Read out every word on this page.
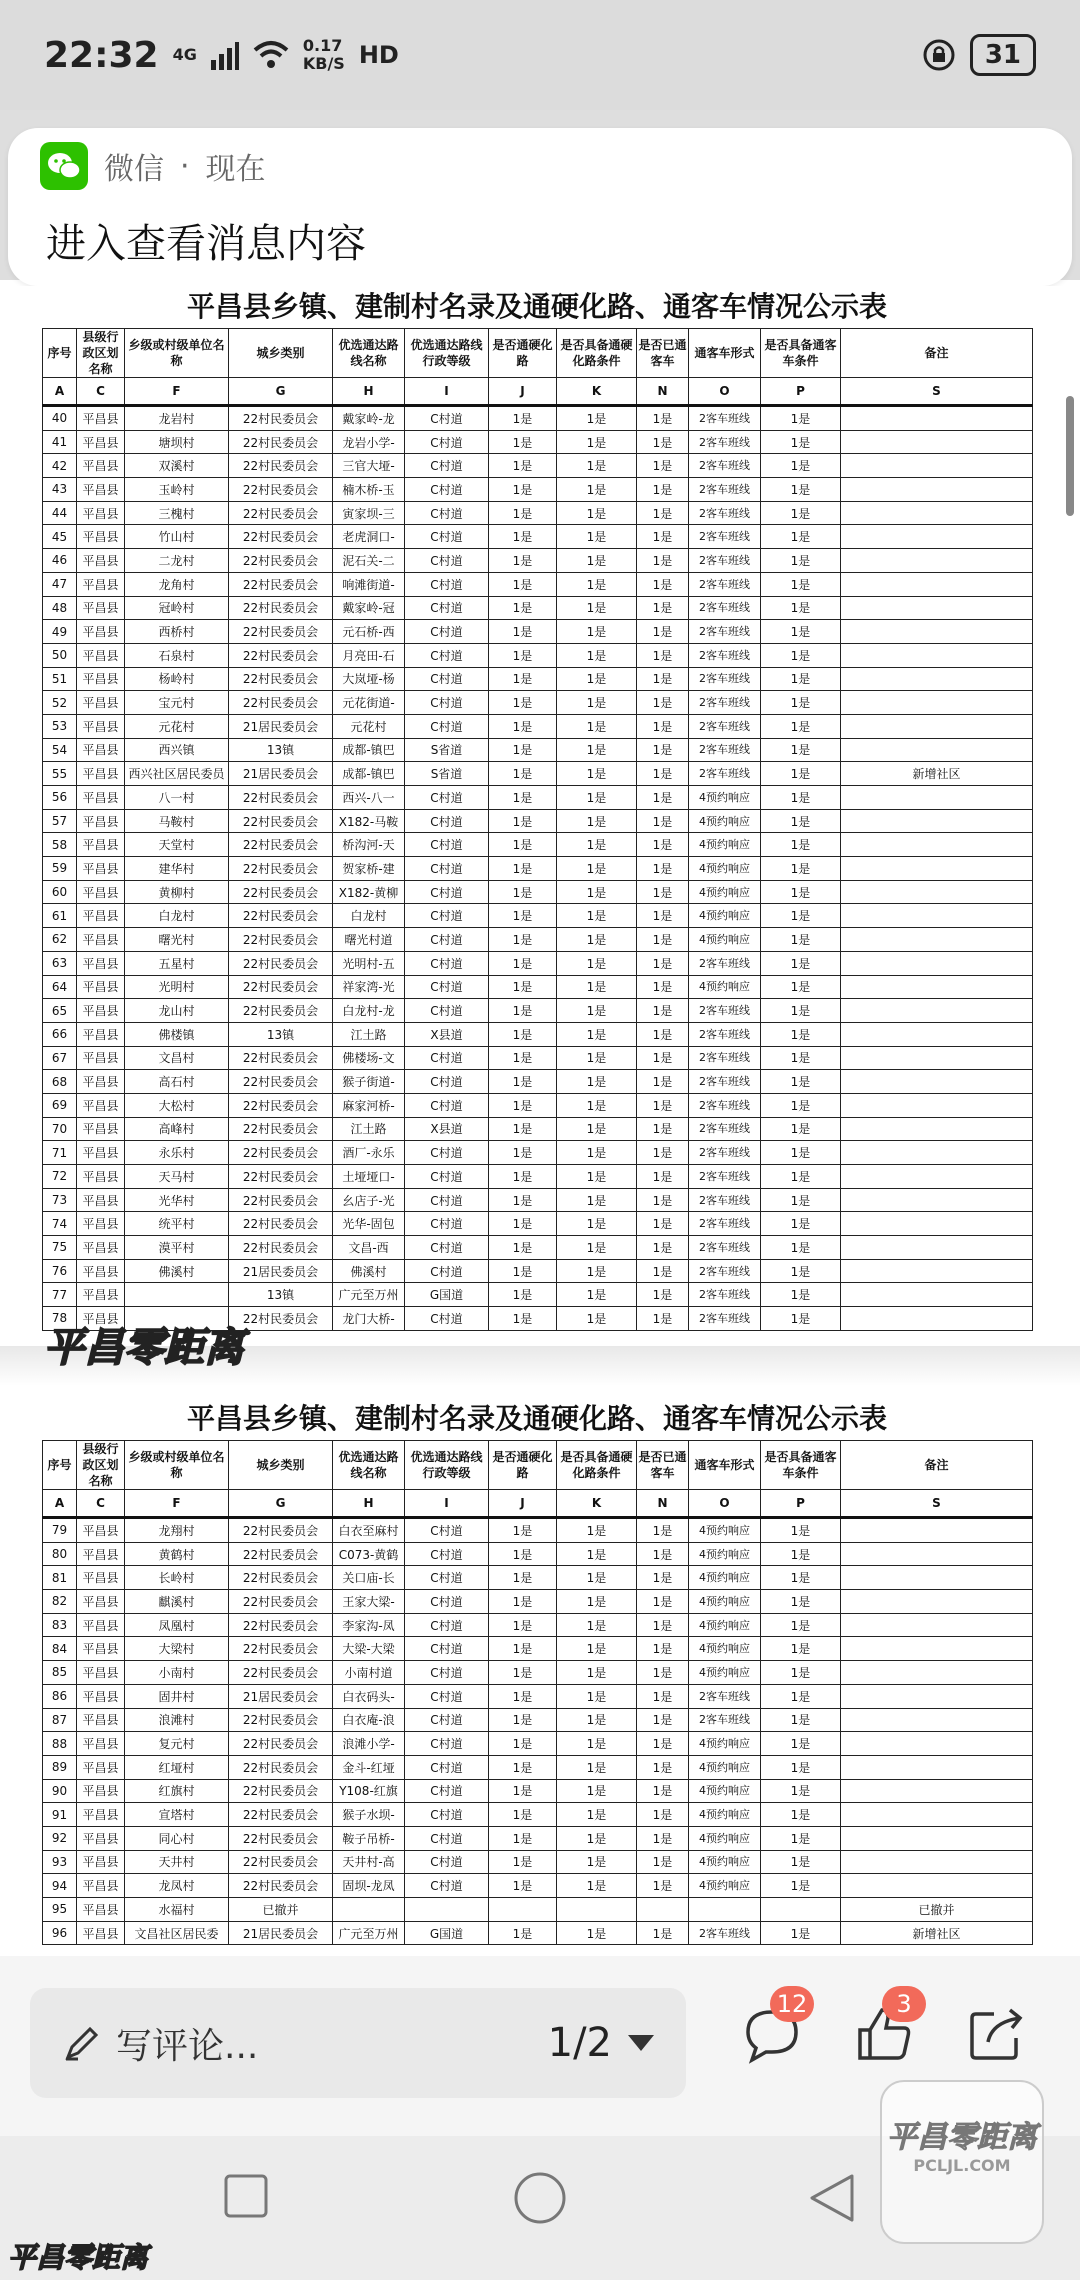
22:32 4G	0.17
KB/S HD	31
微信 · 现在
进入查看消息内容
平昌县乡镇、建制村名录及通硬化路、通客车情况公示表
序号	县级行政区划名称	乡级或村级单位名称	城乡类别	优选通达路线名称	优选通达路线行政等级	是否通硬化路	是否具备通硬化路条件	是否已通客车	通客车形式	是否具备通客车条件	备注
A	C	F	G	H	I	J	K	N	O	P	S
40	平昌县	龙岩村	22村民委员会	戴家岭-龙	C村道	1是	1是	1是	2客车班线	1是	
41	平昌县	塘坝村	22村民委员会	龙岩小学-	C村道	1是	1是	1是	2客车班线	1是	
42	平昌县	双溪村	22村民委员会	三官大垭-	C村道	1是	1是	1是	2客车班线	1是	
43	平昌县	玉岭村	22村民委员会	楠木桥-玉	C村道	1是	1是	1是	2客车班线	1是	
44	平昌县	三槐村	22村民委员会	寅家坝-三	C村道	1是	1是	1是	2客车班线	1是	
45	平昌县	竹山村	22村民委员会	老虎洞口-	C村道	1是	1是	1是	2客车班线	1是	
46	平昌县	二龙村	22村民委员会	泥石关-二	C村道	1是	1是	1是	2客车班线	1是	
47	平昌县	龙角村	22村民委员会	响滩街道-	C村道	1是	1是	1是	2客车班线	1是	
48	平昌县	冠岭村	22村民委员会	戴家岭-冠	C村道	1是	1是	1是	2客车班线	1是	
49	平昌县	西桥村	22村民委员会	元石桥-西	C村道	1是	1是	1是	2客车班线	1是	
50	平昌县	石泉村	22村民委员会	月亮田-石	C村道	1是	1是	1是	2客车班线	1是	
51	平昌县	杨岭村	22村民委员会	大岚垭-杨	C村道	1是	1是	1是	2客车班线	1是	
52	平昌县	宝元村	22村民委员会	元花街道-	C村道	1是	1是	1是	2客车班线	1是	
53	平昌县	元花村	21居民委员会	元花村	C村道	1是	1是	1是	2客车班线	1是	
54	平昌县	西兴镇	13镇	成都-镇巴	S省道	1是	1是	1是	2客车班线	1是	
55	平昌县	西兴社区居民委员	21居民委员会	成都-镇巴	S省道	1是	1是	1是	2客车班线	1是	新增社区
56	平昌县	八一村	22村民委员会	西兴-八一	C村道	1是	1是	1是	4预约响应	1是	
57	平昌县	马鞍村	22村民委员会	X182-马鞍	C村道	1是	1是	1是	4预约响应	1是	
58	平昌县	天堂村	22村民委员会	桥沟河-天	C村道	1是	1是	1是	4预约响应	1是	
59	平昌县	建华村	22村民委员会	贺家桥-建	C村道	1是	1是	1是	4预约响应	1是	
60	平昌县	黄柳村	22村民委员会	X182-黄柳	C村道	1是	1是	1是	4预约响应	1是	
61	平昌县	白龙村	22村民委员会	白龙村	C村道	1是	1是	1是	4预约响应	1是	
62	平昌县	曙光村	22村民委员会	曙光村道	C村道	1是	1是	1是	4预约响应	1是	
63	平昌县	五星村	22村民委员会	光明村-五	C村道	1是	1是	1是	2客车班线	1是	
64	平昌县	光明村	22村民委员会	祥家湾-光	C村道	1是	1是	1是	4预约响应	1是	
65	平昌县	龙山村	22村民委员会	白龙村-龙	C村道	1是	1是	1是	2客车班线	1是	
66	平昌县	佛楼镇	13镇	江土路	X县道	1是	1是	1是	2客车班线	1是	
67	平昌县	文昌村	22村民委员会	佛楼场-文	C村道	1是	1是	1是	2客车班线	1是	
68	平昌县	高石村	22村民委员会	猴子街道-	C村道	1是	1是	1是	2客车班线	1是	
69	平昌县	大松村	22村民委员会	麻家河桥-	C村道	1是	1是	1是	2客车班线	1是	
70	平昌县	高峰村	22村民委员会	江土路	X县道	1是	1是	1是	2客车班线	1是	
71	平昌县	永乐村	22村民委员会	酒厂-永乐	C村道	1是	1是	1是	2客车班线	1是	
72	平昌县	天马村	22村民委员会	土垭垭口-	C村道	1是	1是	1是	2客车班线	1是	
73	平昌县	光华村	22村民委员会	幺店子-光	C村道	1是	1是	1是	2客车班线	1是	
74	平昌县	统平村	22村民委员会	光华-固包	C村道	1是	1是	1是	2客车班线	1是	
75	平昌县	漠平村	22村民委员会	文昌-西	C村道	1是	1是	1是	2客车班线	1是	
76	平昌县	佛溪村	21居民委员会	佛溪村	C村道	1是	1是	1是	2客车班线	1是	
77	平昌县		13镇	广元至万州	G国道	1是	1是	1是	2客车班线	1是	
78	平昌县		22村民委员会	龙门大桥-	C村道	1是	1是	1是	2客车班线	1是	
平昌零距离
平昌县乡镇、建制村名录及通硬化路、通客车情况公示表
序号	县级行政区划名称	乡级或村级单位名称	城乡类别	优选通达路线名称	优选通达路线行政等级	是否通硬化路	是否具备通硬化路条件	是否已通客车	通客车形式	是否具备通客车条件	备注
A	C	F	G	H	I	J	K	N	O	P	S
79	平昌县	龙翔村	22村民委员会	白衣至麻村	C村道	1是	1是	1是	4预约响应	1是	
80	平昌县	黄鹤村	22村民委员会	C073-黄鹤	C村道	1是	1是	1是	4预约响应	1是	
81	平昌县	长岭村	22村民委员会	关口庙-长	C村道	1是	1是	1是	4预约响应	1是	
82	平昌县	麒溪村	22村民委员会	王家大梁-	C村道	1是	1是	1是	4预约响应	1是	
83	平昌县	凤凰村	22村民委员会	李家沟-凤	C村道	1是	1是	1是	4预约响应	1是	
84	平昌县	大梁村	22村民委员会	大梁-大梁	C村道	1是	1是	1是	4预约响应	1是	
85	平昌县	小南村	22村民委员会	小南村道	C村道	1是	1是	1是	4预约响应	1是	
86	平昌县	固井村	21居民委员会	白衣码头-	C村道	1是	1是	1是	2客车班线	1是	
87	平昌县	浪滩村	22村民委员会	白衣庵-浪	C村道	1是	1是	1是	2客车班线	1是	
88	平昌县	复元村	22村民委员会	浪滩小学-	C村道	1是	1是	1是	4预约响应	1是	
89	平昌县	红垭村	22村民委员会	金斗-红垭	C村道	1是	1是	1是	4预约响应	1是	
90	平昌县	红旗村	22村民委员会	Y108-红旗	C村道	1是	1是	1是	4预约响应	1是	
91	平昌县	宣塔村	22村民委员会	猴子水坝-	C村道	1是	1是	1是	4预约响应	1是	
92	平昌县	同心村	22村民委员会	鞍子吊桥-	C村道	1是	1是	1是	4预约响应	1是	
93	平昌县	天井村	22村民委员会	天井村-高	C村道	1是	1是	1是	4预约响应	1是	
94	平昌县	龙凤村	22村民委员会	固坝-龙凤	C村道	1是	1是	1是	4预约响应	1是	
95	平昌县	水福村	已撤并								已撤并
96	平昌县	文昌社区居民委	21居民委员会	广元至万州	G国道	1是	1是	1是	2客车班线	1是	新增社区
写评论...	1/2
12	3
平昌零距离
PCLJL.COM
平昌零距离
